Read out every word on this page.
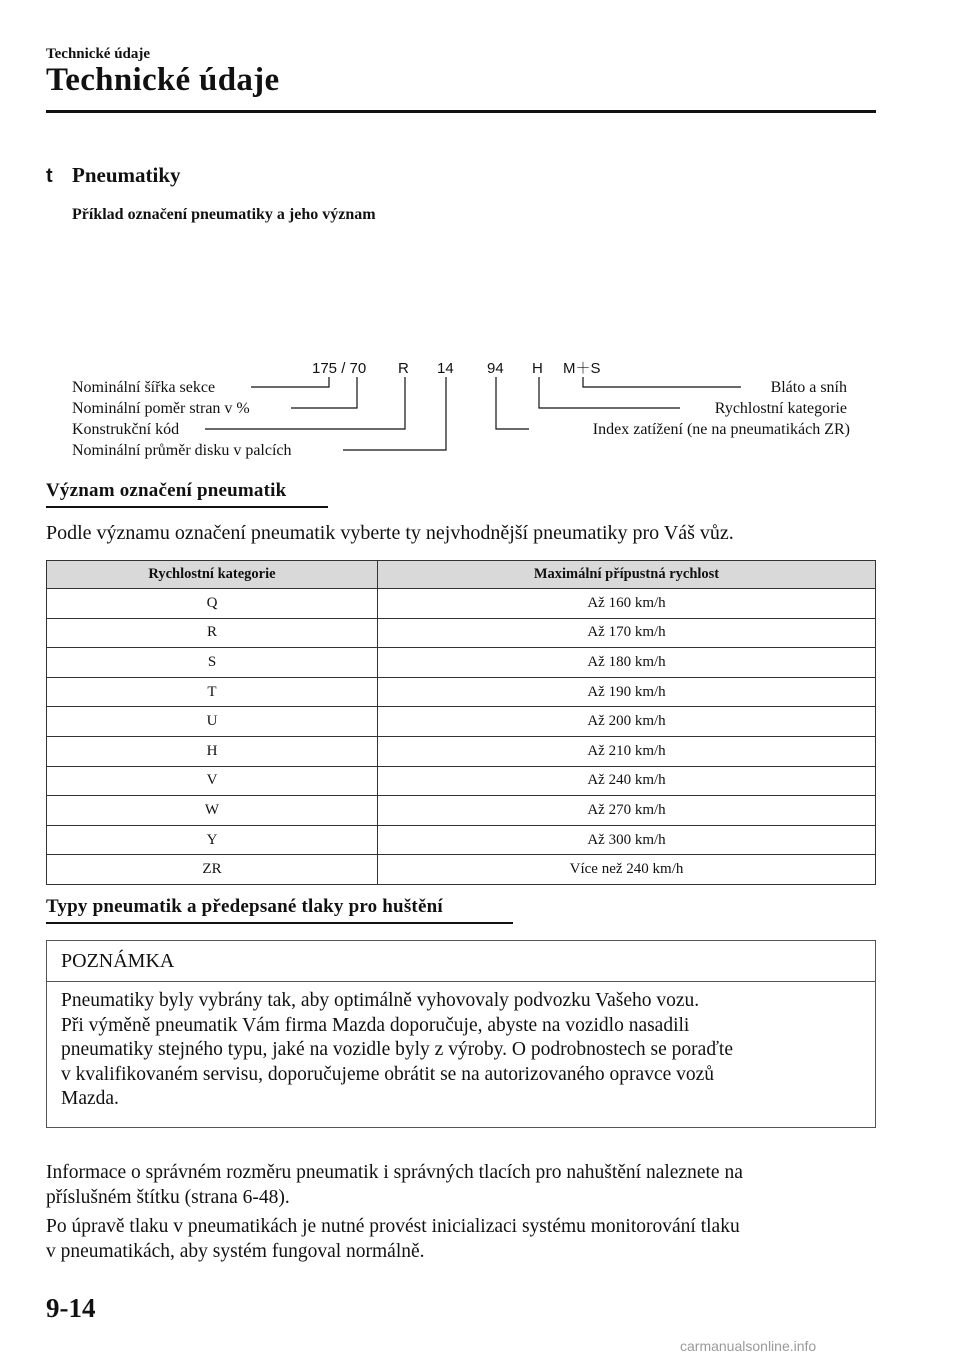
Technické údaje
Technické údaje
t Pneumatiky
Příklad označení pneumatiky a jeho význam
175 / 70 R 14 94 H M＋S
Nominální šířka sekce
Nominální poměr stran v %
Konstrukční kód
Nominální průměr disku v palcích
Bláto a sníh
Rychlostní kategorie
Index zatížení (ne na pneumatikách ZR)
Význam označení pneumatik
Podle významu označení pneumatik vyberte ty nejvhodnější pneumatiky pro Váš vůz.
Rychlostní kategorie	Maximální přípustná rychlost
Q	Až 160 km/h
R	Až 170 km/h
S	Až 180 km/h
T	Až 190 km/h
U	Až 200 km/h
H	Až 210 km/h
V	Až 240 km/h
W	Až 270 km/h
Y	Až 300 km/h
ZR	Více než 240 km/h
Typy pneumatik a předepsané tlaky pro huštění
POZNÁMKA
Pneumatiky byly vybrány tak, aby optimálně vyhovovaly podvozku Vašeho vozu.
Při výměně pneumatik Vám firma Mazda doporučuje, abyste na vozidlo nasadili
pneumatiky stejného typu, jaké na vozidle byly z výroby. O podrobnostech se poraďte
v kvalifikovaném servisu, doporučujeme obrátit se na autorizovaného opravce vozů
Mazda.
Informace o správném rozměru pneumatik i správných tlacích pro nahuštění naleznete na
příslušném štítku (strana 6-48).
Po úpravě tlaku v pneumatikách je nutné provést inicializaci systému monitorování tlaku
v pneumatikách, aby systém fungoval normálně.
9-14
carmanualsonline.info
